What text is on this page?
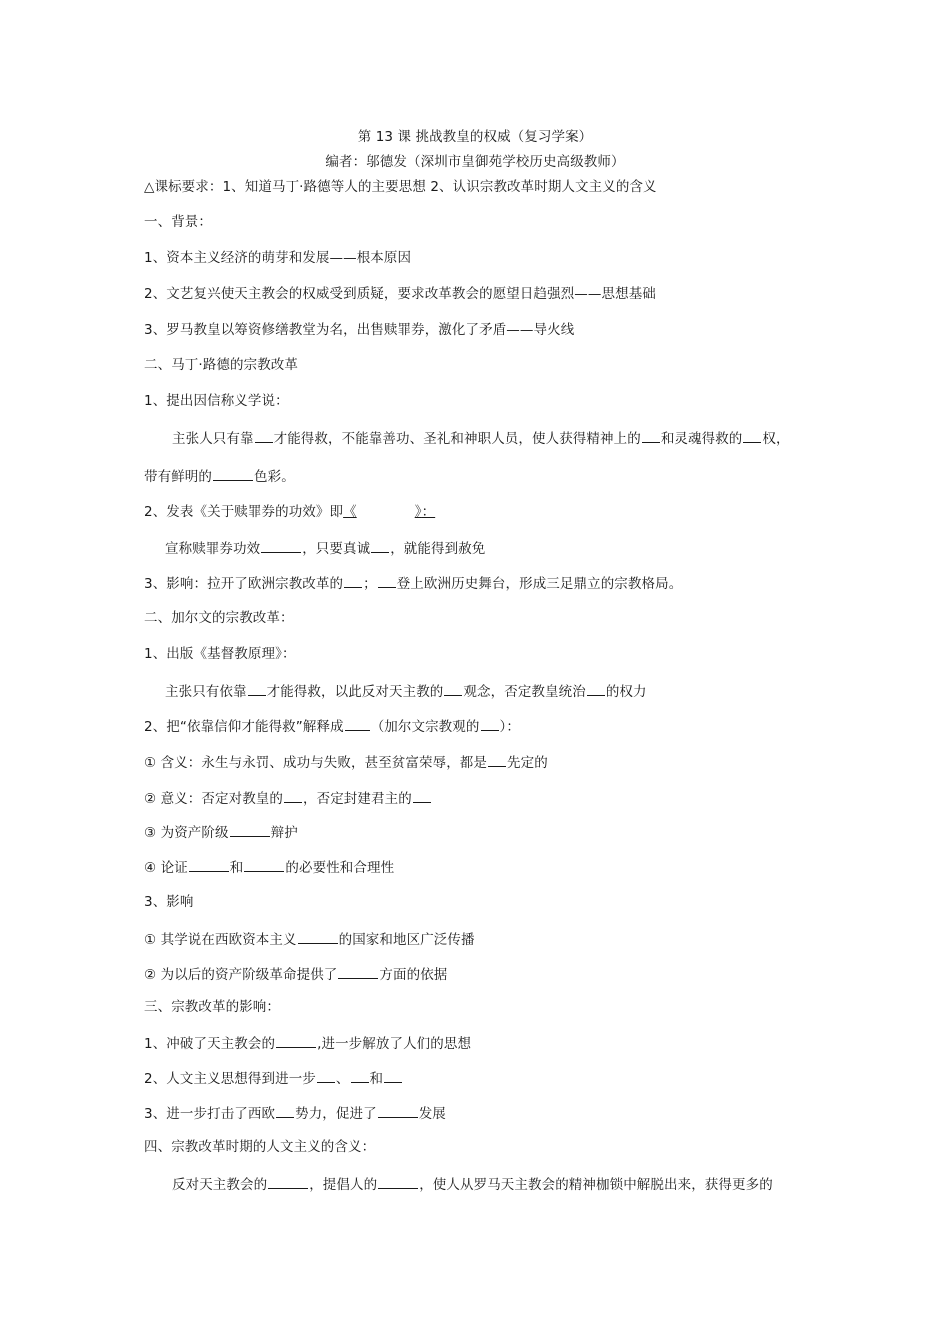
第 13 课 挑战教皇的权威（复习学案）
编者：邬德发（深圳市皇御苑学校历史高级教师）
△课标要求：1、知道马丁·路德等人的主要思想 2、认识宗教改革时期人文主义的含义
一、背景：
1、资本主义经济的萌芽和发展——根本原因
2、文艺复兴使天主教会的权威受到质疑，要求改革教会的愿望日趋强烈——思想基础
3、罗马教皇以筹资修缮教堂为名，出售赎罪券，激化了矛盾——导火线
二、马丁·路德的宗教改革
1、提出因信称义学说：
主张人只有靠 才能得救，不能靠善功、圣礼和神职人员，使人获得精神上的 和灵魂得救的 权，
带有鲜明的	色彩。
2、发表《关于赎罪券的功效》即《	》：
宣称赎罪券功效	，只要真诚 ，就能得到赦免
3、影响：拉开了欧洲宗教改革的 ； 登上欧洲历史舞台，形成三足鼎立的宗教格局。
二、加尔文的宗教改革：
1、出版《基督教原理》：
主张只有依靠 才能得救，以此反对天主教的 观念，否定教皇统治 的权力
2、把“依靠信仰才能得救”解释成 （加尔文宗教观的 ）：
① 含义：永生与永罚、成功与失败，甚至贫富荣辱，都是 先定的
② 意义：否定对教皇的 ，否定封建君主的
③ 为资产阶级	辩护
④ 论证	和	的必要性和合理性
3、影响
① 其学说在西欧资本主义	的国家和地区广泛传播
② 为以后的资产阶级革命提供了	方面的依据
三、宗教改革的影响：
1、冲破了天主教会的	,进一步解放了人们的思想
2、人文主义思想得到进一步 、 和
3、进一步打击了西欧 势力，促进了	发展
四、宗教改革时期的人文主义的含义：
反对天主教会的	，提倡人的	，使人从罗马天主教会的精神枷锁中解脱出来，获得更多的
